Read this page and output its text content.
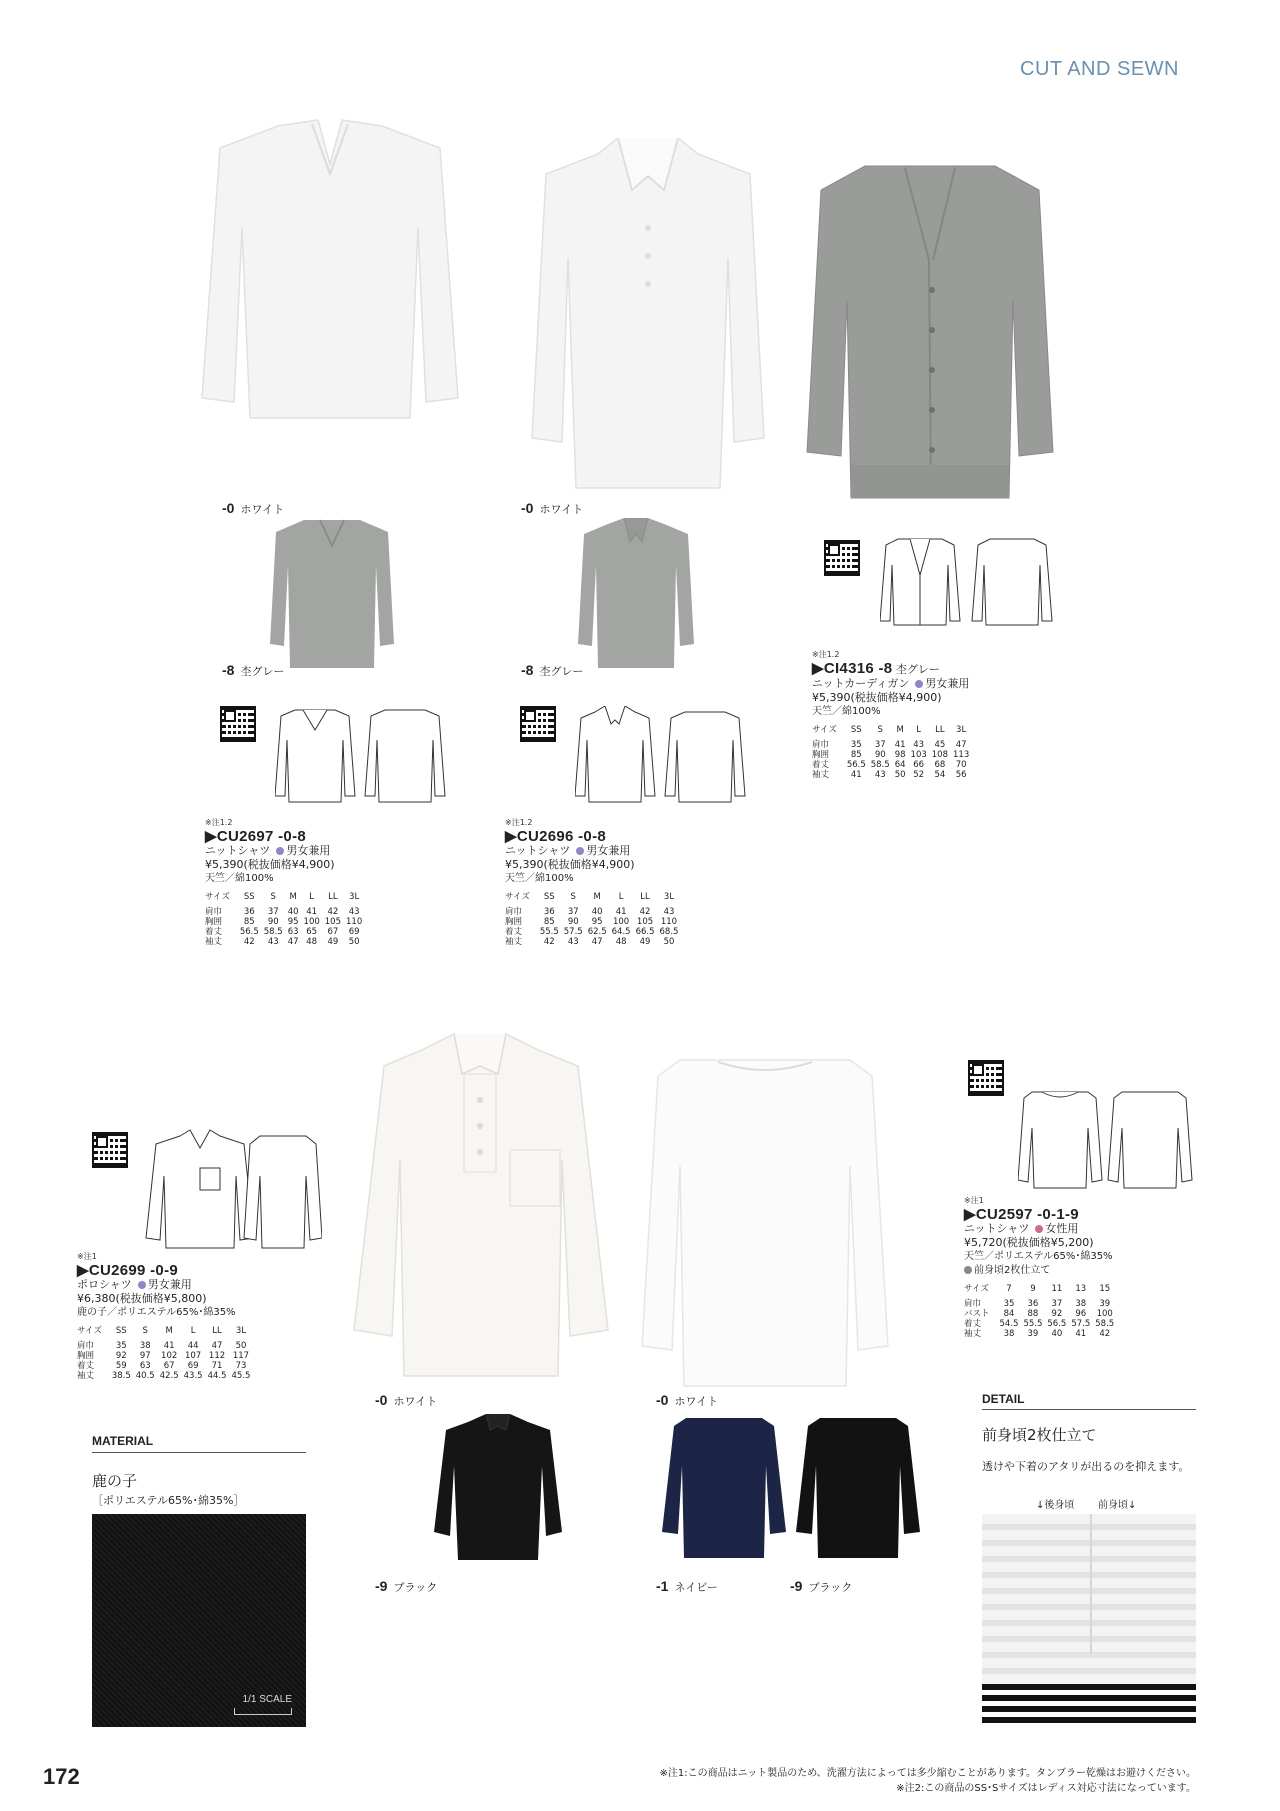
CUT AND SEWN
-0 ホワイト	-0 ホワイト
-8 杢グレー	-8 杢グレー
※注1.2
▶CI4316 -8 杢グレー
ニットカーディガン 男女兼用
¥5,390(税抜価格¥4,900)
天竺／綿100%
サイズ	SS	S	M	L	LL	3L
肩巾	35	37	41	43	45	47
胸囲	85	90	98	103	108	113
着丈	56.5	58.5	64	66	68	70
袖丈	41	43	50	52	54	56
※注1.2
▶CU2697 -0-8
ニットシャツ 男女兼用
¥5,390(税抜価格¥4,900)
天竺／綿100%
サイズ	SS	S	M	L	LL	3L
肩巾	36	37	40	41	42	43
胸囲	85	90	95	100	105	110
着丈	56.5	58.5	63	65	67	69
袖丈	42	43	47	48	49	50
※注1.2
▶CU2696 -0-8
ニットシャツ 男女兼用
¥5,390(税抜価格¥4,900)
天竺／綿100%
サイズ	SS	S	M	L	LL	3L
肩巾	36	37	40	41	42	43
胸囲	85	90	95	100	105	110
着丈	55.5	57.5	62.5	64.5	66.5	68.5
袖丈	42	43	47	48	49	50
※注1
▶CU2699 -0-9
ポロシャツ 男女兼用
¥6,380(税抜価格¥5,800)
鹿の子／ポリエステル65%･綿35%
サイズ	SS	S	M	L	LL	3L
肩巾	35	38	41	44	47	50
胸囲	92	97	102	107	112	117
着丈	59	63	67	69	71	73
袖丈	38.5	40.5	42.5	43.5	44.5	45.5
MATERIAL
鹿の子
［ポリエステル65%･綿35%］
1/1 SCALE
-0 ホワイト
-9 ブラック
-0 ホワイト
-1 ネイビー	-9 ブラック
※注1
▶CU2597 -0-1-9
ニットシャツ 女性用
¥5,720(税抜価格¥5,200)
天竺／ポリエステル65%･綿35%
前身頃2枚仕立て
サイズ	7	9	11	13	15
肩巾	35	36	37	38	39
バスト	84	88	92	96	100
着丈	54.5	55.5	56.5	57.5	58.5
袖丈	38	39	40	41	42
DETAIL
前身頃2枚仕立て
透けや下着のアタリが出るのを抑えます。
↓後身頃 前身頃↓
172	※注1:この商品はニット製品のため、洗濯方法によっては多少縮むことがあります。タンブラー乾燥はお避けください。
※注2:この商品のSS･Sサイズはレディス対応寸法になっています。
